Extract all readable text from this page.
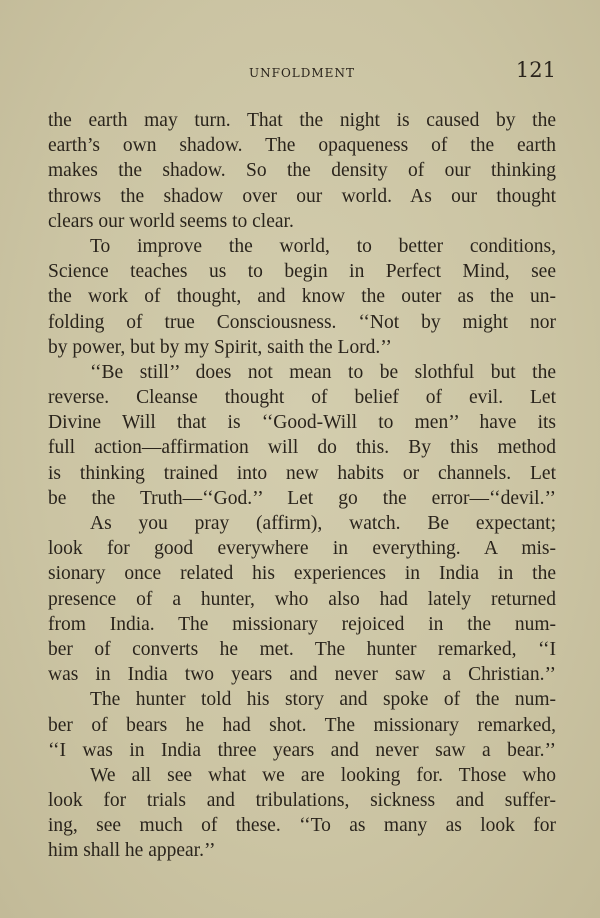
UNFOLDMENT	121
the earth may turn. That the night is caused by the
earth’s own shadow. The opaqueness of the earth
makes the shadow. So the density of our thinking
throws the shadow over our world. As our thought
clears our world seems to clear.
To improve the world, to better conditions,
Science teaches us to begin in Perfect Mind, see
the work of thought, and know the outer as the un-
folding of true Consciousness. ‘‘Not by might nor
by power, but by my Spirit, saith the Lord.’’
‘‘Be still’’ does not mean to be slothful but the
reverse. Cleanse thought of belief of evil. Let
Divine Will that is ‘‘Good-Will to men’’ have its
full action—affirmation will do this. By this method
is thinking trained into new habits or channels. Let
be the Truth—‘‘God.’’ Let go the error—‘‘devil.’’
As you pray (affirm), watch. Be expectant;
look for good everywhere in everything. A mis-
sionary once related his experiences in India in the
presence of a hunter, who also had lately returned
from India. The missionary rejoiced in the num-
ber of converts he met. The hunter remarked, ‘‘I
was in India two years and never saw a Christian.’’
The hunter told his story and spoke of the num-
ber of bears he had shot. The missionary remarked,
‘‘I was in India three years and never saw a bear.’’
We all see what we are looking for. Those who
look for trials and tribulations, sickness and suffer-
ing, see much of these. ‘‘To as many as look for
him shall he appear.’’
